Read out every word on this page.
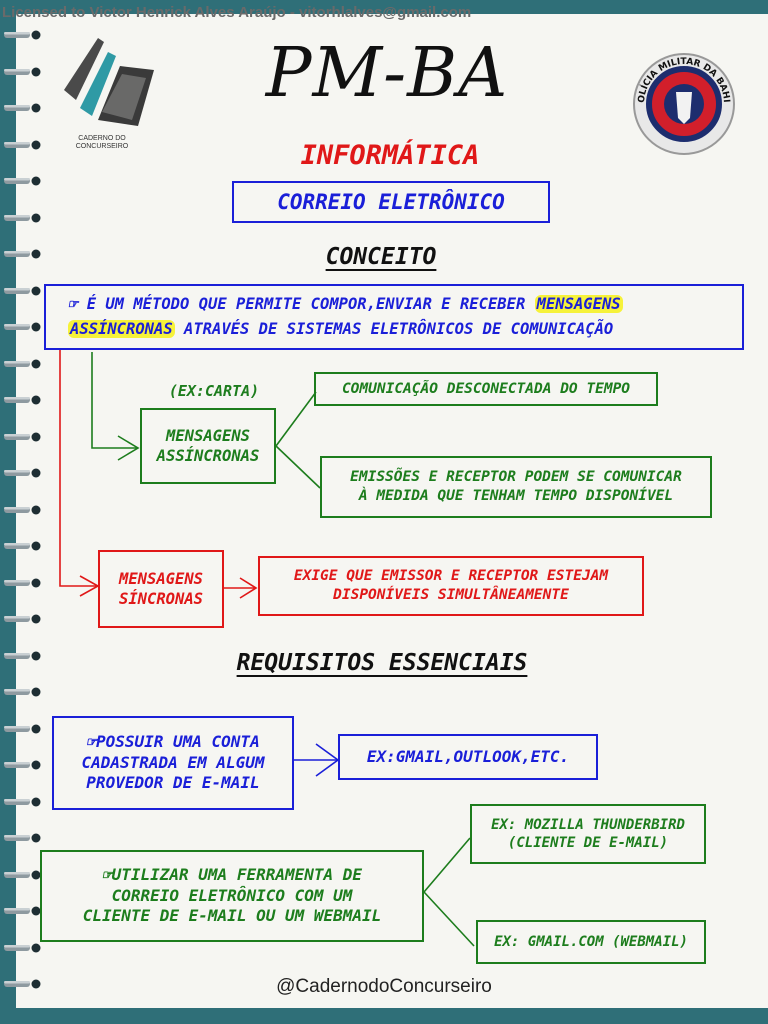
Licensed to Victor Henrick Alves Araújo - vitorhlalves@gmail.com
CADERNO DO CONCURSEIRO
PM-BA	OLÍCIA MILITAR DA BAHI
INFORMÁTICA
CORREIO ELETRÔNICO
CONCEITO
☞ É UM MÉTODO QUE PERMITE COMPOR,ENVIAR E RECEBER MENSAGENS
ASSÍNCRONAS ATRAVÉS DE SISTEMAS ELETRÔNICOS DE COMUNICAÇÃO
(EX:CARTA)
MENSAGENS
ASSÍNCRONAS
COMUNICAÇÃO DESCONECTADA DO TEMPO
EMISSÕES E RECEPTOR PODEM SE COMUNICAR
À MEDIDA QUE TENHAM TEMPO DISPONÍVEL
MENSAGENS
SÍNCRONAS
EXIGE QUE EMISSOR E RECEPTOR ESTEJAM
DISPONÍVEIS SIMULTÂNEAMENTE
REQUISITOS ESSENCIAIS
☞POSSUIR UMA CONTA
CADASTRADA EM ALGUM
PROVEDOR DE E-MAIL
EX:GMAIL,OUTLOOK,ETC.
☞UTILIZAR UMA FERRAMENTA DE
CORREIO ELETRÔNICO COM UM
CLIENTE DE E-MAIL OU UM WEBMAIL
EX: MOZILLA THUNDERBIRD
(CLIENTE DE E-MAIL)
EX: GMAIL.COM (WEBMAIL)
@CadernodoConcurseiro
